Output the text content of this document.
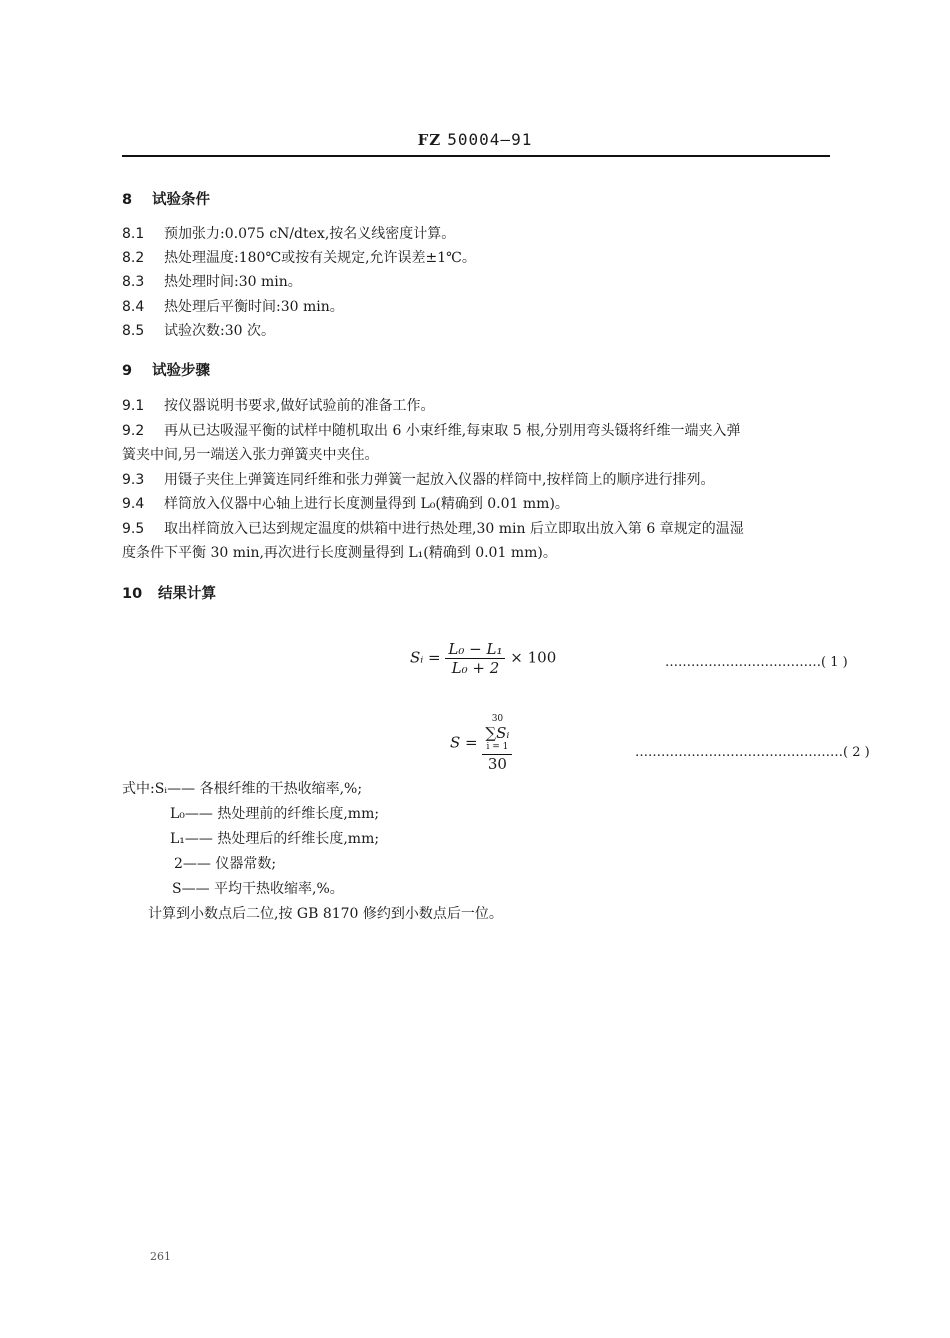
FZ 50004—91
8 试验条件
8.1 预加张力:0.075 cN/dtex,按名义线密度计算。
8.2 热处理温度:180℃或按有关规定,允许误差±1℃。
8.3 热处理时间:30 min。
8.4 热处理后平衡时间:30 min。
8.5 试验次数:30 次。
9 试验步骤
9.1 按仪器说明书要求,做好试验前的准备工作。
9.2 再从已达吸湿平衡的试样中随机取出 6 小束纤维,每束取 5 根,分别用弯头镊将纤维一端夹入弹
簧夹中间,另一端送入张力弹簧夹中夹住。
9.3 用镊子夹住上弹簧连同纤维和张力弹簧一起放入仪器的样筒中,按样筒上的顺序进行排列。
9.4 样筒放入仪器中心轴上进行长度测量得到 L₀(精确到 0.01 mm)。
9.5 取出样筒放入已达到规定温度的烘箱中进行热处理,30 min 后立即取出放入第 6 章规定的温湿
度条件下平衡 30 min,再次进行长度测量得到 L₁(精确到 0.01 mm)。
10 结果计算
Sᵢ = $\frac{\text{L₀ − L₁}}{\text{L₀ + 2}} \times 100$	………………………………( 1 )
S = 30
∑Sᵢ
i = 1
30	…………………………………………( 2 )
式中:Sᵢ—— 各根纤维的干热收缩率,%;
L₀—— 热处理前的纤维长度,mm;
L₁—— 热处理后的纤维长度,mm;
2—— 仪器常数;
S—— 平均干热收缩率,%。
计算到小数点后二位,按 GB 8170 修约到小数点后一位。
261
